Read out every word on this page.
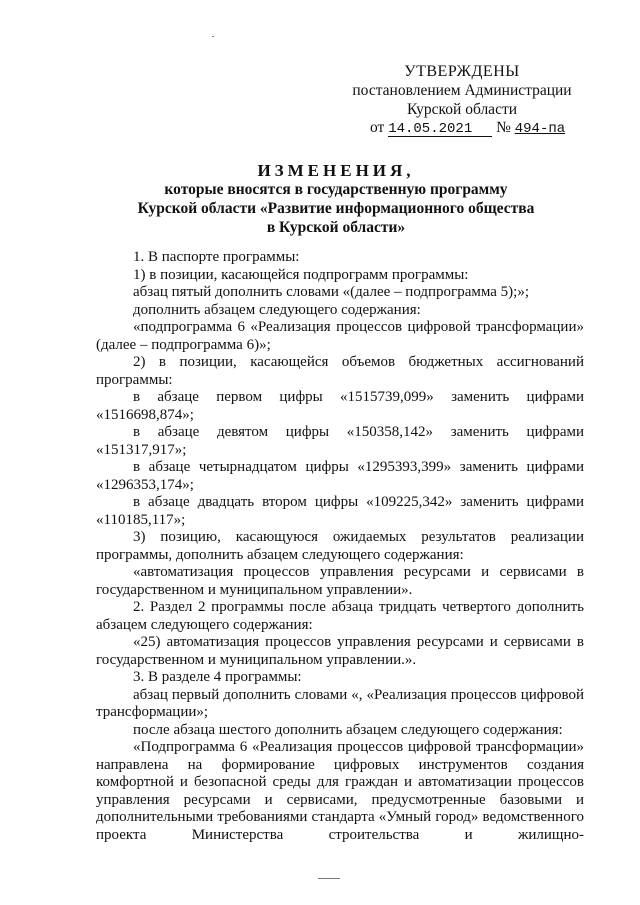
УТВЕРЖДЕНЫ
постановлением Администрации
Курской области
от 14.05.2021 № 494-па
ИЗМЕНЕНИЯ,
которые вносятся в государственную программу
Курской области «Развитие информационного общества
в Курской области»

1. В паспорте программы:

1) в позиции, касающейся подпрограмм программы:

абзац пятый дополнить словами «(далее – подпрограмма 5);»;

дополнить абзацем следующего содержания:

«подпрограмма 6 «Реализация процессов цифровой трансформации» (далее – подпрограмма 6)»;

2) в позиции, касающейся объемов бюджетных ассигнований программы:

в абзаце первом цифры «1515739,099» заменить цифрами «1516698,874»;

в абзаце девятом цифры «150358,142» заменить цифрами «151317,917»;

в абзаце четырнадцатом цифры «1295393,399» заменить цифрами «1296353,174»;

в абзаце двадцать втором цифры «109225,342» заменить цифрами «110185,117»;

3) позицию, касающуюся ожидаемых результатов реализации программы, дополнить абзацем следующего содержания:

«автоматизация процессов управления ресурсами и сервисами в государственном и муниципальном управлении».

2. Раздел 2 программы после абзаца тридцать четвертого дополнить абзацем следующего содержания:

«25) автоматизация процессов управления ресурсами и сервисами в государственном и муниципальном управлении.».

3. В разделе 4 программы:

абзац первый дополнить словами «, «Реализация процессов цифровой трансформации»;

после абзаца шестого дополнить абзацем следующего содержания:

«Подпрограмма 6 «Реализация процессов цифровой трансформации» направлена на формирование цифровых инструментов создания комфортной и безопасной среды для граждан и автоматизации процессов управления ресурсами и сервисами, предусмотренные базовыми и дополнительными требованиями стандарта «Умный город» ведомственного проекта Министерства строительства и жилищно-
